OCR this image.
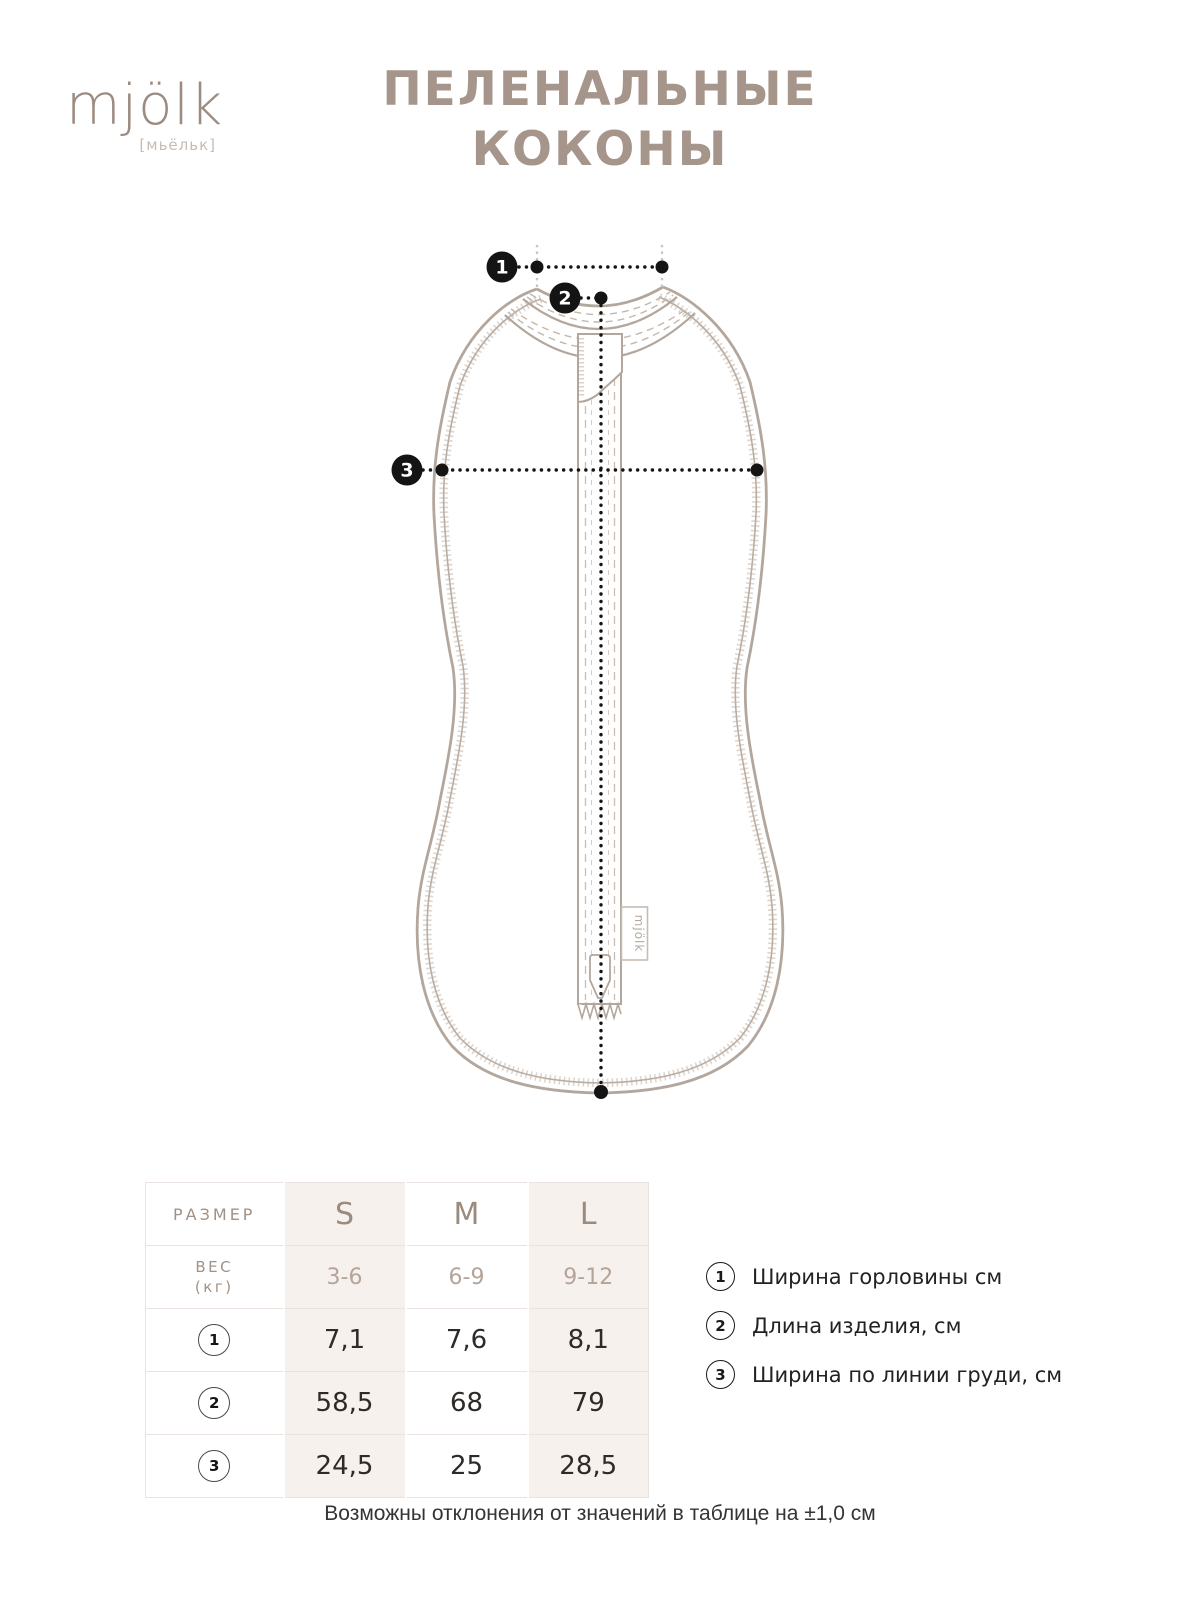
mjölk
[мьёльк]
ПЕЛЕНАЛЬНЫЕ КОКОНЫ
mjölk
1
2
3
РАЗМЕР	S	M	L

ВЕС
(кг)	3-6	6-9	9-12
1	7,1	7,6	8,1
2	58,5	68	79
3	24,5	25	28,5
1	Ширина горловины см
2	Длина изделия, см
3	Ширина по линии груди, см
Возможны отклонения от значений в таблице на ±1,0 см
